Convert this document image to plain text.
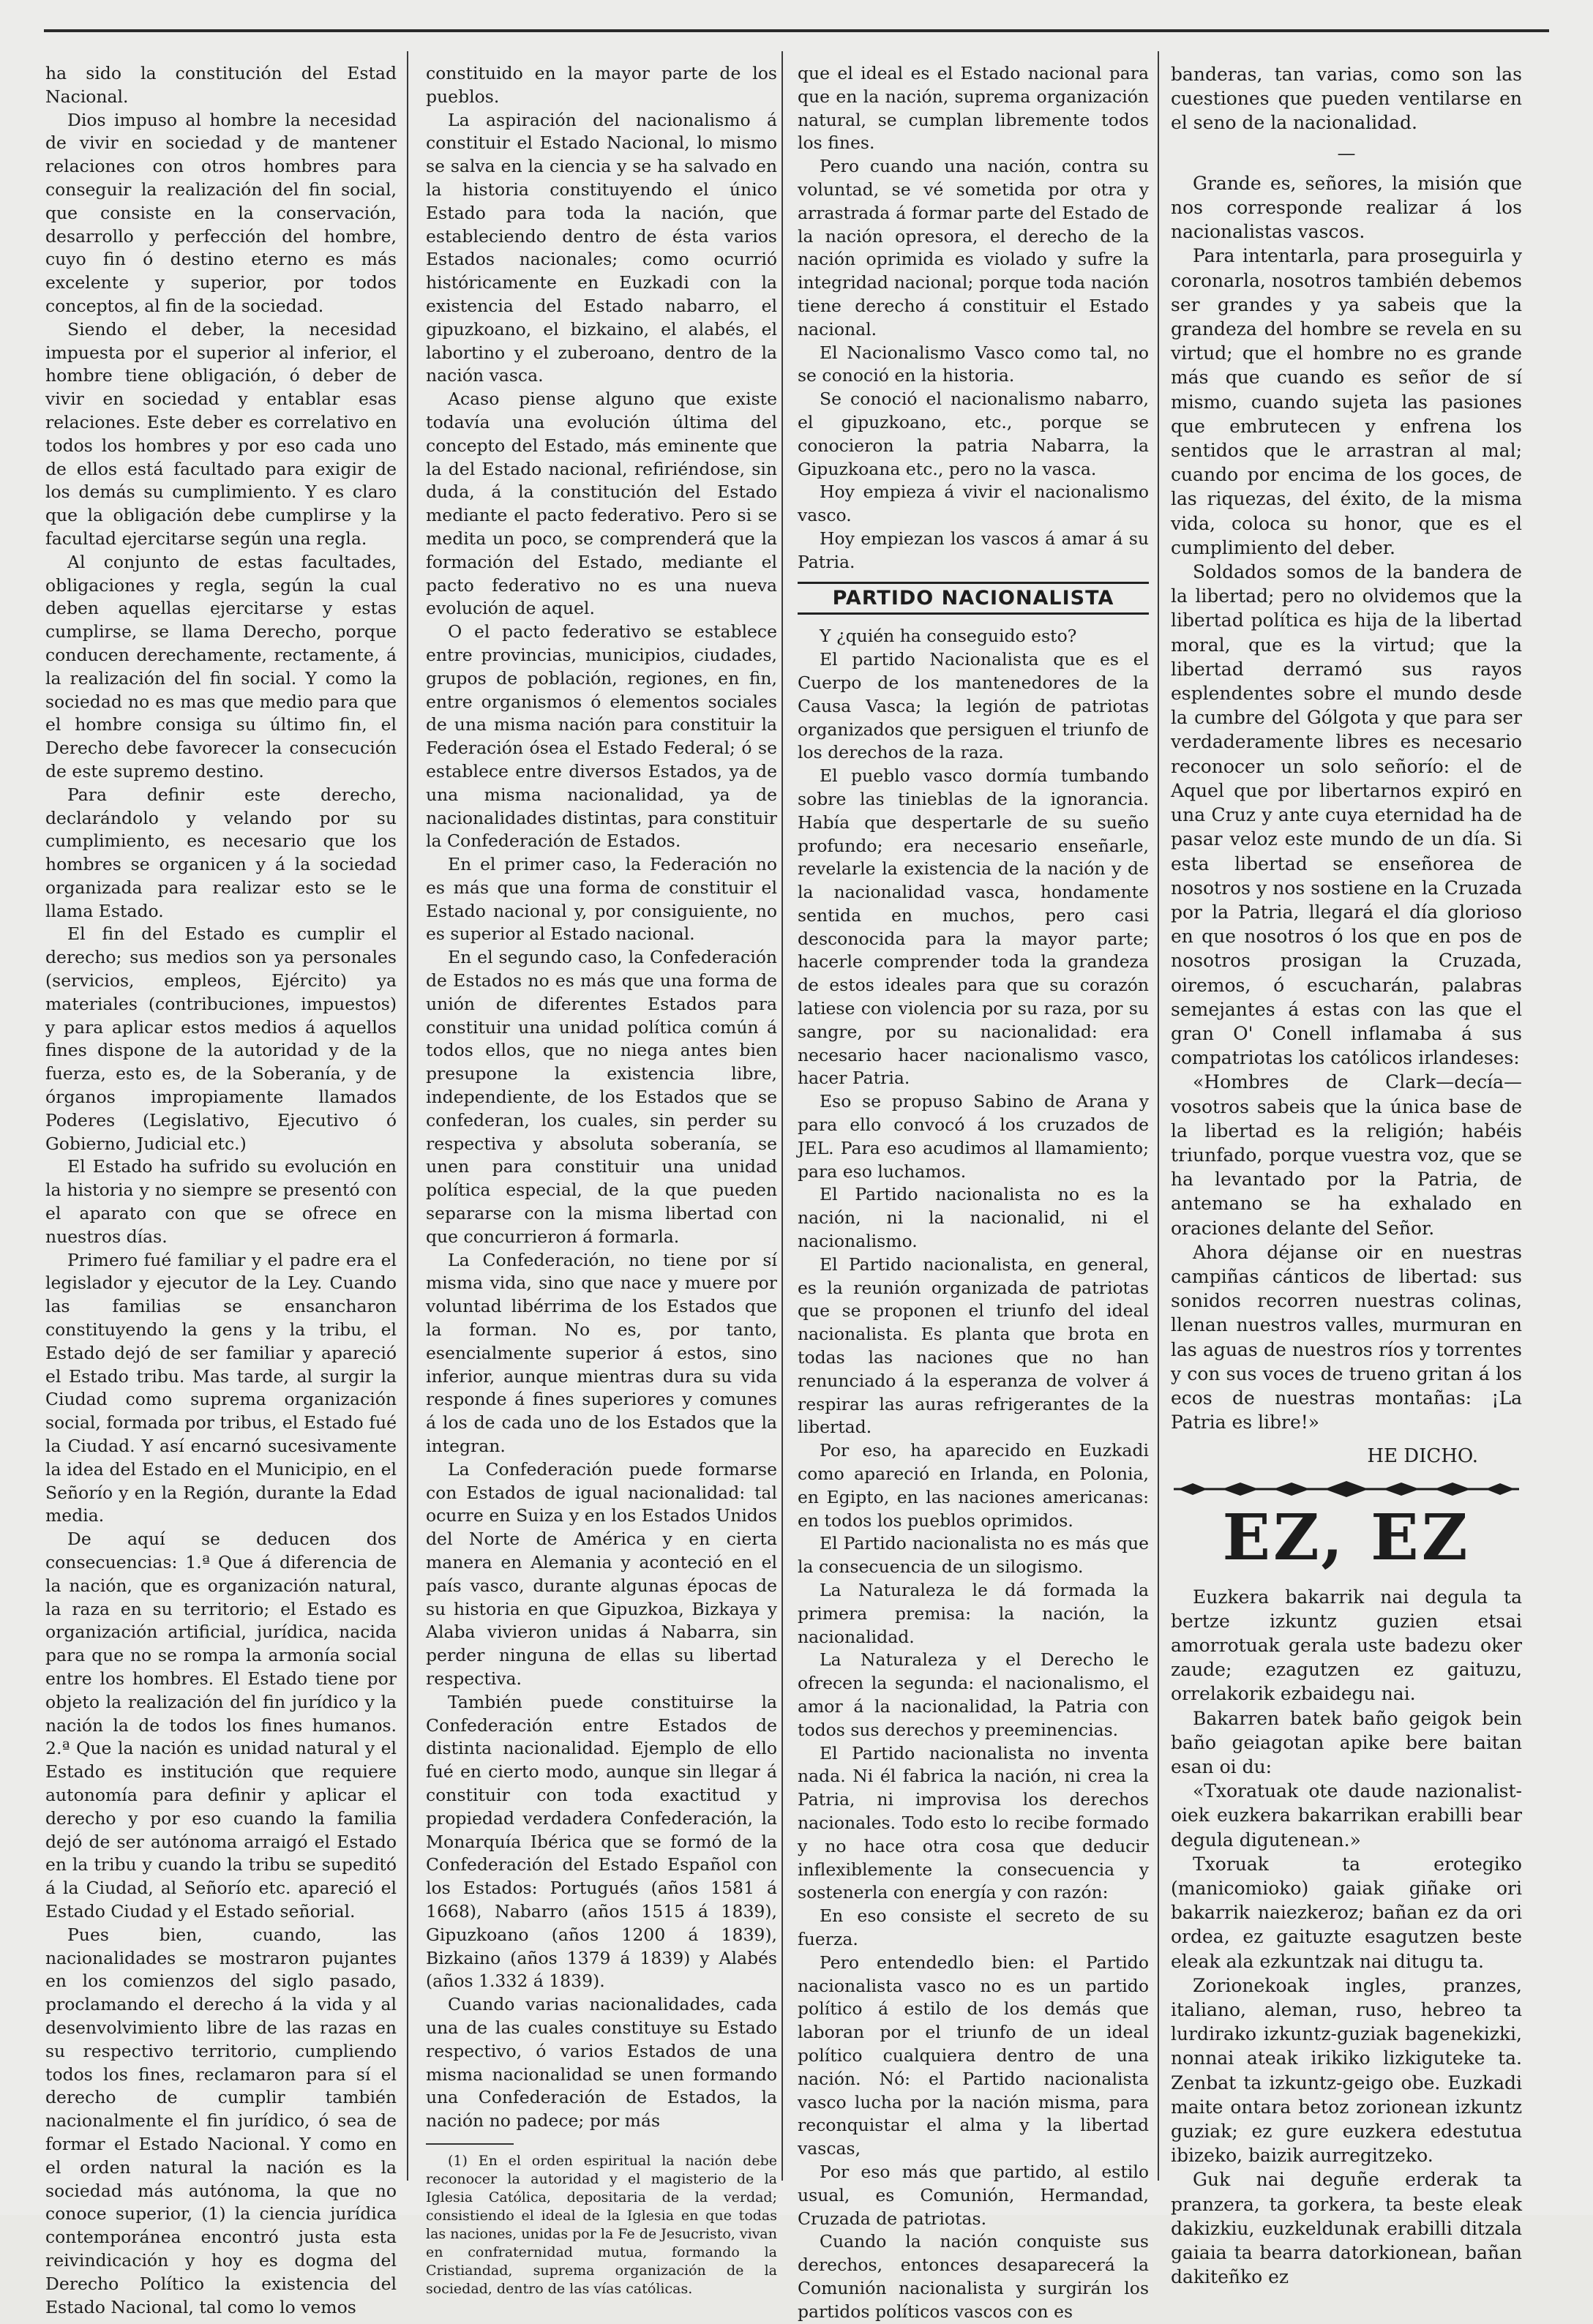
ha sido la constitución del Estad Nacional.

Dios impuso al hombre la necesidad de vivir en sociedad y de mantener relaciones con otros hombres para conseguir la realización del fin social, que consiste en la conservación, desarrollo y perfección del hombre, cuyo fin ó destino eterno es más excelente y superior, por todos conceptos, al fin de la sociedad.

Siendo el deber, la necesidad impuesta por el superior al inferior, el hombre tiene obligación, ó deber de vivir en sociedad y entablar esas relaciones. Este deber es correlativo en todos los hombres y por eso cada uno de ellos está facultado para exigir de los demás su cumplimiento. Y es claro que la obligación debe cumplirse y la facultad ejercitarse según una regla.

Al conjunto de estas facultades, obligaciones y regla, según la cual deben aquellas ejercitarse y estas cumplirse, se llama Derecho, porque conducen derechamente, rectamente, á la realización del fin social. Y como la sociedad no es mas que medio para que el hombre consiga su último fin, el Derecho debe favorecer la consecución de este supremo destino.

Para definir este derecho, declarándolo y velando por su cumplimiento, es necesario que los hombres se organicen y á la sociedad organizada para realizar esto se le llama Estado.

El fin del Estado es cumplir el derecho; sus medios son ya personales (servicios, empleos, Ejército) ya materiales (contribuciones, impuestos) y para aplicar estos medios á aquellos fines dispone de la autoridad y de la fuerza, esto es, de la Soberanía, y de órganos impropiamente llamados Poderes (Legislativo, Ejecutivo ó Gobierno, Judicial etc.)

El Estado ha sufrido su evolución en la historia y no siempre se presentó con el aparato con que se ofrece en nuestros días.

Primero fué familiar y el padre era el legislador y ejecutor de la Ley. Cuando las familias se ensancharon constituyendo la gens y la tribu, el Estado dejó de ser familiar y apareció el Estado tribu. Mas tarde, al surgir la Ciudad como suprema organización social, formada por tribus, el Estado fué la Ciudad. Y así encarnó sucesivamente la idea del Estado en el Municipio, en el Señorío y en la Región, durante la Edad media.

De aquí se deducen dos consecuencias: 1.ª Que á diferencia de la nación, que es organización natural, la raza en su territorio; el Estado es organización artificial, jurídica, nacida para que no se rompa la armonía social entre los hombres. El Estado tiene por objeto la realización del fin jurídico y la nación la de todos los fines humanos. 2.ª Que la nación es unidad natural y el Estado es institución que requiere autonomía para definir y aplicar el derecho y por eso cuando la familia dejó de ser autónoma arraigó el Estado en la tribu y cuando la tribu se supeditó á la Ciudad, al Señorío etc. apareció el Estado Ciudad y el Estado señorial.

Pues bien, cuando, las nacionalidades se mostraron pujantes en los comienzos del siglo pasado, proclamando el derecho á la vida y al desenvolvimiento libre de las razas en su respectivo territorio, cumpliendo todos los fines, reclamaron para sí el derecho de cumplir también nacionalmente el fin jurídico, ó sea de formar el Estado Nacional. Y como en el orden natural la nación es la sociedad más autónoma, la que no conoce superior, (1) la ciencia jurídica contemporánea encontró justa esta reivindicación y hoy es dogma del Derecho Político la existencia del Estado Nacional, tal como lo vemos

constituido en la mayor parte de los pueblos.

La aspiración del nacionalismo á constituir el Estado Nacional, lo mismo se salva en la ciencia y se ha salvado en la historia constituyendo el único Estado para toda la nación, que estableciendo dentro de ésta varios Estados nacionales; como ocurrió históricamente en Euzkadi con la existencia del Estado nabarro, el gipuzkoano, el bizkaino, el alabés, el labortino y el zuberoano, dentro de la nación vasca.

Acaso piense alguno que existe todavía una evolución última del concepto del Estado, más eminente que la del Estado nacional, refiriéndose, sin duda, á la constitución del Estado mediante el pacto federativo. Pero si se medita un poco, se comprenderá que la formación del Estado, mediante el pacto federativo no es una nueva evolución de aquel.

O el pacto federativo se establece entre provincias, municipios, ciudades, grupos de población, regiones, en fin, entre organismos ó elementos sociales de una misma nación para constituir la Federación ósea el Estado Federal; ó se establece entre diversos Estados, ya de una misma nacionalidad, ya de nacionalidades distintas, para constituir la Confederación de Estados.

En el primer caso, la Federación no es más que una forma de constituir el Estado nacional y, por consiguiente, no es superior al Estado nacional.

En el segundo caso, la Confederación de Estados no es más que una forma de unión de diferentes Estados para constituir una unidad política común á todos ellos, que no niega antes bien presupone la existencia libre, independiente, de los Estados que se confederan, los cuales, sin perder su respectiva y absoluta soberanía, se unen para constituir una unidad política especial, de la que pueden separarse con la misma libertad con que concurrieron á formarla.

La Confederación, no tiene por sí misma vida, sino que nace y muere por voluntad libérrima de los Estados que la forman. No es, por tanto, esencialmente superior á estos, sino inferior, aunque mientras dura su vida responde á fines superiores y comunes á los de cada uno de los Estados que la integran.

La Confederación puede formarse con Estados de igual nacionalidad: tal ocurre en Suiza y en los Estados Unidos del Norte de América y en cierta manera en Alemania y aconteció en el país vasco, durante algunas épocas de su historia en que Gipuzkoa, Bizkaya y Alaba vivieron unidas á Nabarra, sin perder ninguna de ellas su libertad respectiva.

También puede constituirse la Confederación entre Estados de distinta nacionalidad. Ejemplo de ello fué en cierto modo, aunque sin llegar á constituir con toda exactitud y propiedad verdadera Confederación, la Monarquía Ibérica que se formó de la Confederación del Estado Español con los Estados: Portugués (años 1581 á 1668), Nabarro (años 1515 á 1839), Gipuzkoano (años 1200 á 1839), Bizkaino (años 1379 á 1839) y Alabés (años 1.332 á 1839).

Cuando varias nacionalidades, cada una de las cuales constituye su Estado respectivo, ó varios Estados de una misma nacionalidad se unen formando una Confederación de Estados, la nación no padece; por más

(1) En el orden espiritual la nación debe reconocer la autoridad y el magisterio de la Iglesia Católica, depositaria de la verdad; consistiendo el ideal de la Iglesia en que todas las naciones, unidas por la Fe de Jesucristo, vivan en confraternidad mutua, formando la Cristiandad, suprema organización de la sociedad, dentro de las vías católicas.

que el ideal es el Estado nacional para que en la nación, suprema organización natural, se cumplan libremente todos los fines.

Pero cuando una nación, contra su voluntad, se vé sometida por otra y arrastrada á formar parte del Estado de la nación opresora, el derecho de la nación oprimida es violado y sufre la integridad nacional; porque toda nación tiene derecho á constituir el Estado nacional.

El Nacionalismo Vasco como tal, no se conoció en la historia.

Se conoció el nacionalismo nabarro, el gipuzkoano, etc., porque se conocieron la patria Nabarra, la Gipuzkoana etc., pero no la vasca.

Hoy empieza á vivir el nacionalismo vasco.

Hoy empiezan los vascos á amar á su Patria.

PARTIDO NACIONALISTA

Y ¿quién ha conseguido esto?

El partido Nacionalista que es el Cuerpo de los mantenedores de la Causa Vasca; la legión de patriotas organizados que persiguen el triunfo de los derechos de la raza.

El pueblo vasco dormía tumbando sobre las tinieblas de la ignorancia. Había que despertarle de su sueño profundo; era necesario enseñarle, revelarle la existencia de la nación y de la nacionalidad vasca, hondamente sentida en muchos, pero casi desconocida para la mayor parte; hacerle comprender toda la grandeza de estos ideales para que su corazón latiese con violencia por su raza, por su sangre, por su nacionalidad: era necesario hacer nacionalismo vasco, hacer Patria.

Eso se propuso Sabino de Arana y para ello convocó á los cruzados de JEL. Para eso acudimos al llamamiento; para eso luchamos.

El Partido nacionalista no es la nación, ni la nacionalid, ni el nacionalismo.

El Partido nacionalista, en general, es la reunión organizada de patriotas que se proponen el triunfo del ideal nacionalista. Es planta que brota en todas las naciones que no han renunciado á la esperanza de volver á respirar las auras refrigerantes de la libertad.

Por eso, ha aparecido en Euzkadi como apareció en Irlanda, en Polonia, en Egipto, en las naciones americanas: en todos los pueblos oprimidos.

El Partido nacionalista no es más que la consecuencia de un silogismo.

La Naturaleza le dá formada la primera premisa: la nación, la nacionalidad.

La Naturaleza y el Derecho le ofrecen la segunda: el nacionalismo, el amor á la nacionalidad, la Patria con todos sus derechos y preeminencias.

El Partido nacionalista no inventa nada. Ni él fabrica la nación, ni crea la Patria, ni improvisa los derechos nacionales. Todo esto lo recibe formado y no hace otra cosa que deducir inflexiblemente la consecuencia y sostenerla con energía y con razón:

En eso consiste el secreto de su fuerza.

Pero entendedlo bien: el Partido nacionalista vasco no es un partido político á estilo de los demás que laboran por el triunfo de un ideal político cualquiera dentro de una nación. Nó: el Partido nacionalista vasco lucha por la nación misma, para reconquistar el alma y la libertad vascas,

Por eso más que partido, al estilo usual, es Comunión, Hermandad, Cruzada de patriotas.

Cuando la nación conquiste sus derechos, entonces desaparecerá la Comunión nacionalista y surgirán los partidos políticos vascos con es

banderas, tan varias, como son las cuestiones que pueden ventilarse en el seno de la nacionalidad.

—

Grande es, señores, la misión que nos corresponde realizar á los nacionalistas vascos.

Para intentarla, para proseguirla y coronarla, nosotros también debemos ser grandes y ya sabeis que la grandeza del hombre se revela en su virtud; que el hombre no es grande más que cuando es señor de sí mismo, cuando sujeta las pasiones que embrutecen y enfrena los sentidos que le arrastran al mal; cuando por encima de los goces, de las riquezas, del éxito, de la misma vida, coloca su honor, que es el cumplimiento del deber.

Soldados somos de la bandera de la libertad; pero no olvidemos que la libertad política es hija de la libertad moral, que es la virtud; que la libertad derramó sus rayos esplendentes sobre el mundo desde la cumbre del Gólgota y que para ser verdaderamente libres es necesario reconocer un solo señorío: el de Aquel que por libertarnos expiró en una Cruz y ante cuya eternidad ha de pasar veloz este mundo de un día. Si esta libertad se enseñorea de nosotros y nos sostiene en la Cruzada por la Patria, llegará el día glorioso en que nosotros ó los que en pos de nosotros prosigan la Cruzada, oiremos, ó escucharán, palabras semejantes á estas con las que el gran O' Conell inflamaba á sus compatriotas los católicos irlandeses:

«Hombres de Clark—decía—vosotros sabeis que la única base de la libertad es la religión; habéis triunfado, porque vuestra voz, que se ha levantado por la Patria, de antemano se ha exhalado en oraciones delante del Señor.

Ahora déjanse oir en nuestras campiñas cánticos de libertad: sus sonidos recorren nuestras colinas, llenan nuestros valles, murmuran en las aguas de nuestros ríos y torrentes y con sus voces de trueno gritan á los ecos de nuestras montañas: ¡La Patria es libre!»

HE DICHO.
EZ, EZ

Euzkera bakarrik nai degula ta bertze izkuntz guzien etsai amorrotuak gerala uste badezu oker zaude; ezagutzen ez gaituzu, orrelakorik ezbaidegu nai.

Bakarren batek baño geigok bein baño geiagotan apike bere baitan esan oi du:

«Txoratuak ote daude nazionalist-oiek euzkera bakarrikan erabilli bear degula digutenean.»

Txoruak ta erotegiko (manicomioko) gaiak giñake ori bakarrik naiezkeroz; bañan ez da ori ordea, ez gaituzte esagutzen beste eleak ala ezkuntzak nai ditugu ta.

Zorionekoak ingles, pranzes, italiano, aleman, ruso, hebreo ta lurdirako izkuntz-guziak bagenekizki, nonnai ateak irikiko lizkiguteke ta. Zenbat ta izkuntz-geigo obe. Euzkadi maite ontara betoz zorionean izkuntz guziak; ez gure euzkera edestutua ibizeko, baizik aurregitzeko.

Guk nai deguñe erderak ta pranzera, ta gorkera, ta beste eleak dakizkiu, euzkeldunak erabilli ditzala gaiaia ta bearra datorkionean, bañan dakiteñko ez
